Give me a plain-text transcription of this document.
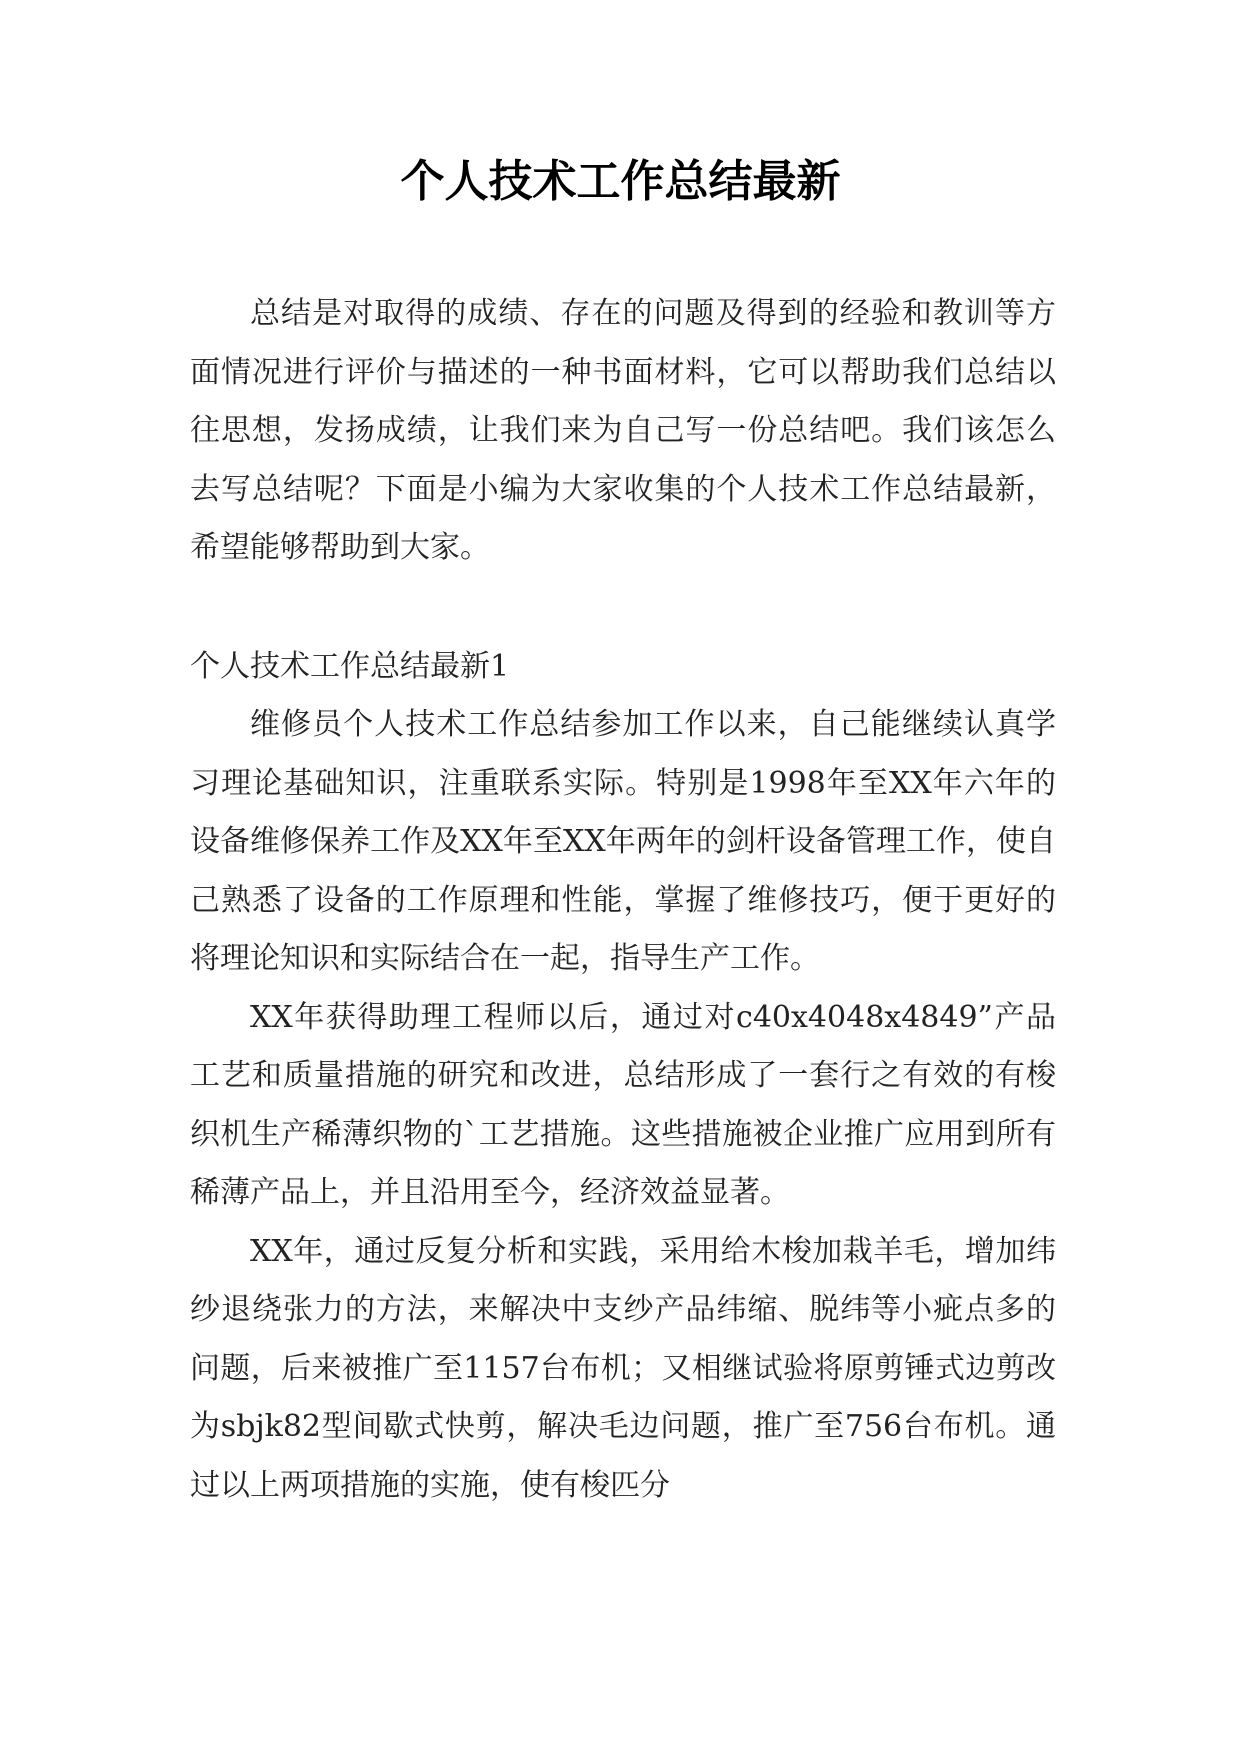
个人技术工作总结最新

总结是对取得的成绩、存在的问题及得到的经验和教训等方面情况进行评价与描述的一种书面材料，它可以帮助我们总结以往思想，发扬成绩，让我们来为自己写一份总结吧。我们该怎么去写总结呢？下面是小编为大家收集的个人技术工作总结最新，希望能够帮助到大家。

个人技术工作总结最新1

维修员个人技术工作总结参加工作以来，自己能继续认真学习理论基础知识，注重联系实际。特别是1998年至XX年六年的设备维修保养工作及XX年至XX年两年的剑杆设备管理工作，使自己熟悉了设备的工作原理和性能，掌握了维修技巧，便于更好的将理论知识和实际结合在一起，指导生产工作。

XX年获得助理工程师以后，通过对c40x4048x4849”产品工艺和质量措施的研究和改进，总结形成了一套行之有效的有梭织机生产稀薄织物的`工艺措施。这些措施被企业推广应用到所有稀薄产品上，并且沿用至今，经济效益显著。

XX年，通过反复分析和实践，采用给木梭加栽羊毛，增加纬纱退绕张力的方法，来解决中支纱产品纬缩、脱纬等小疵点多的问题，后来被推广至1157台布机；又相继试验将原剪锤式边剪改为sbjk82型间歇式快剪，解决毛边问题，推广至756台布机。通过以上两项措施的实施，使有梭匹分
